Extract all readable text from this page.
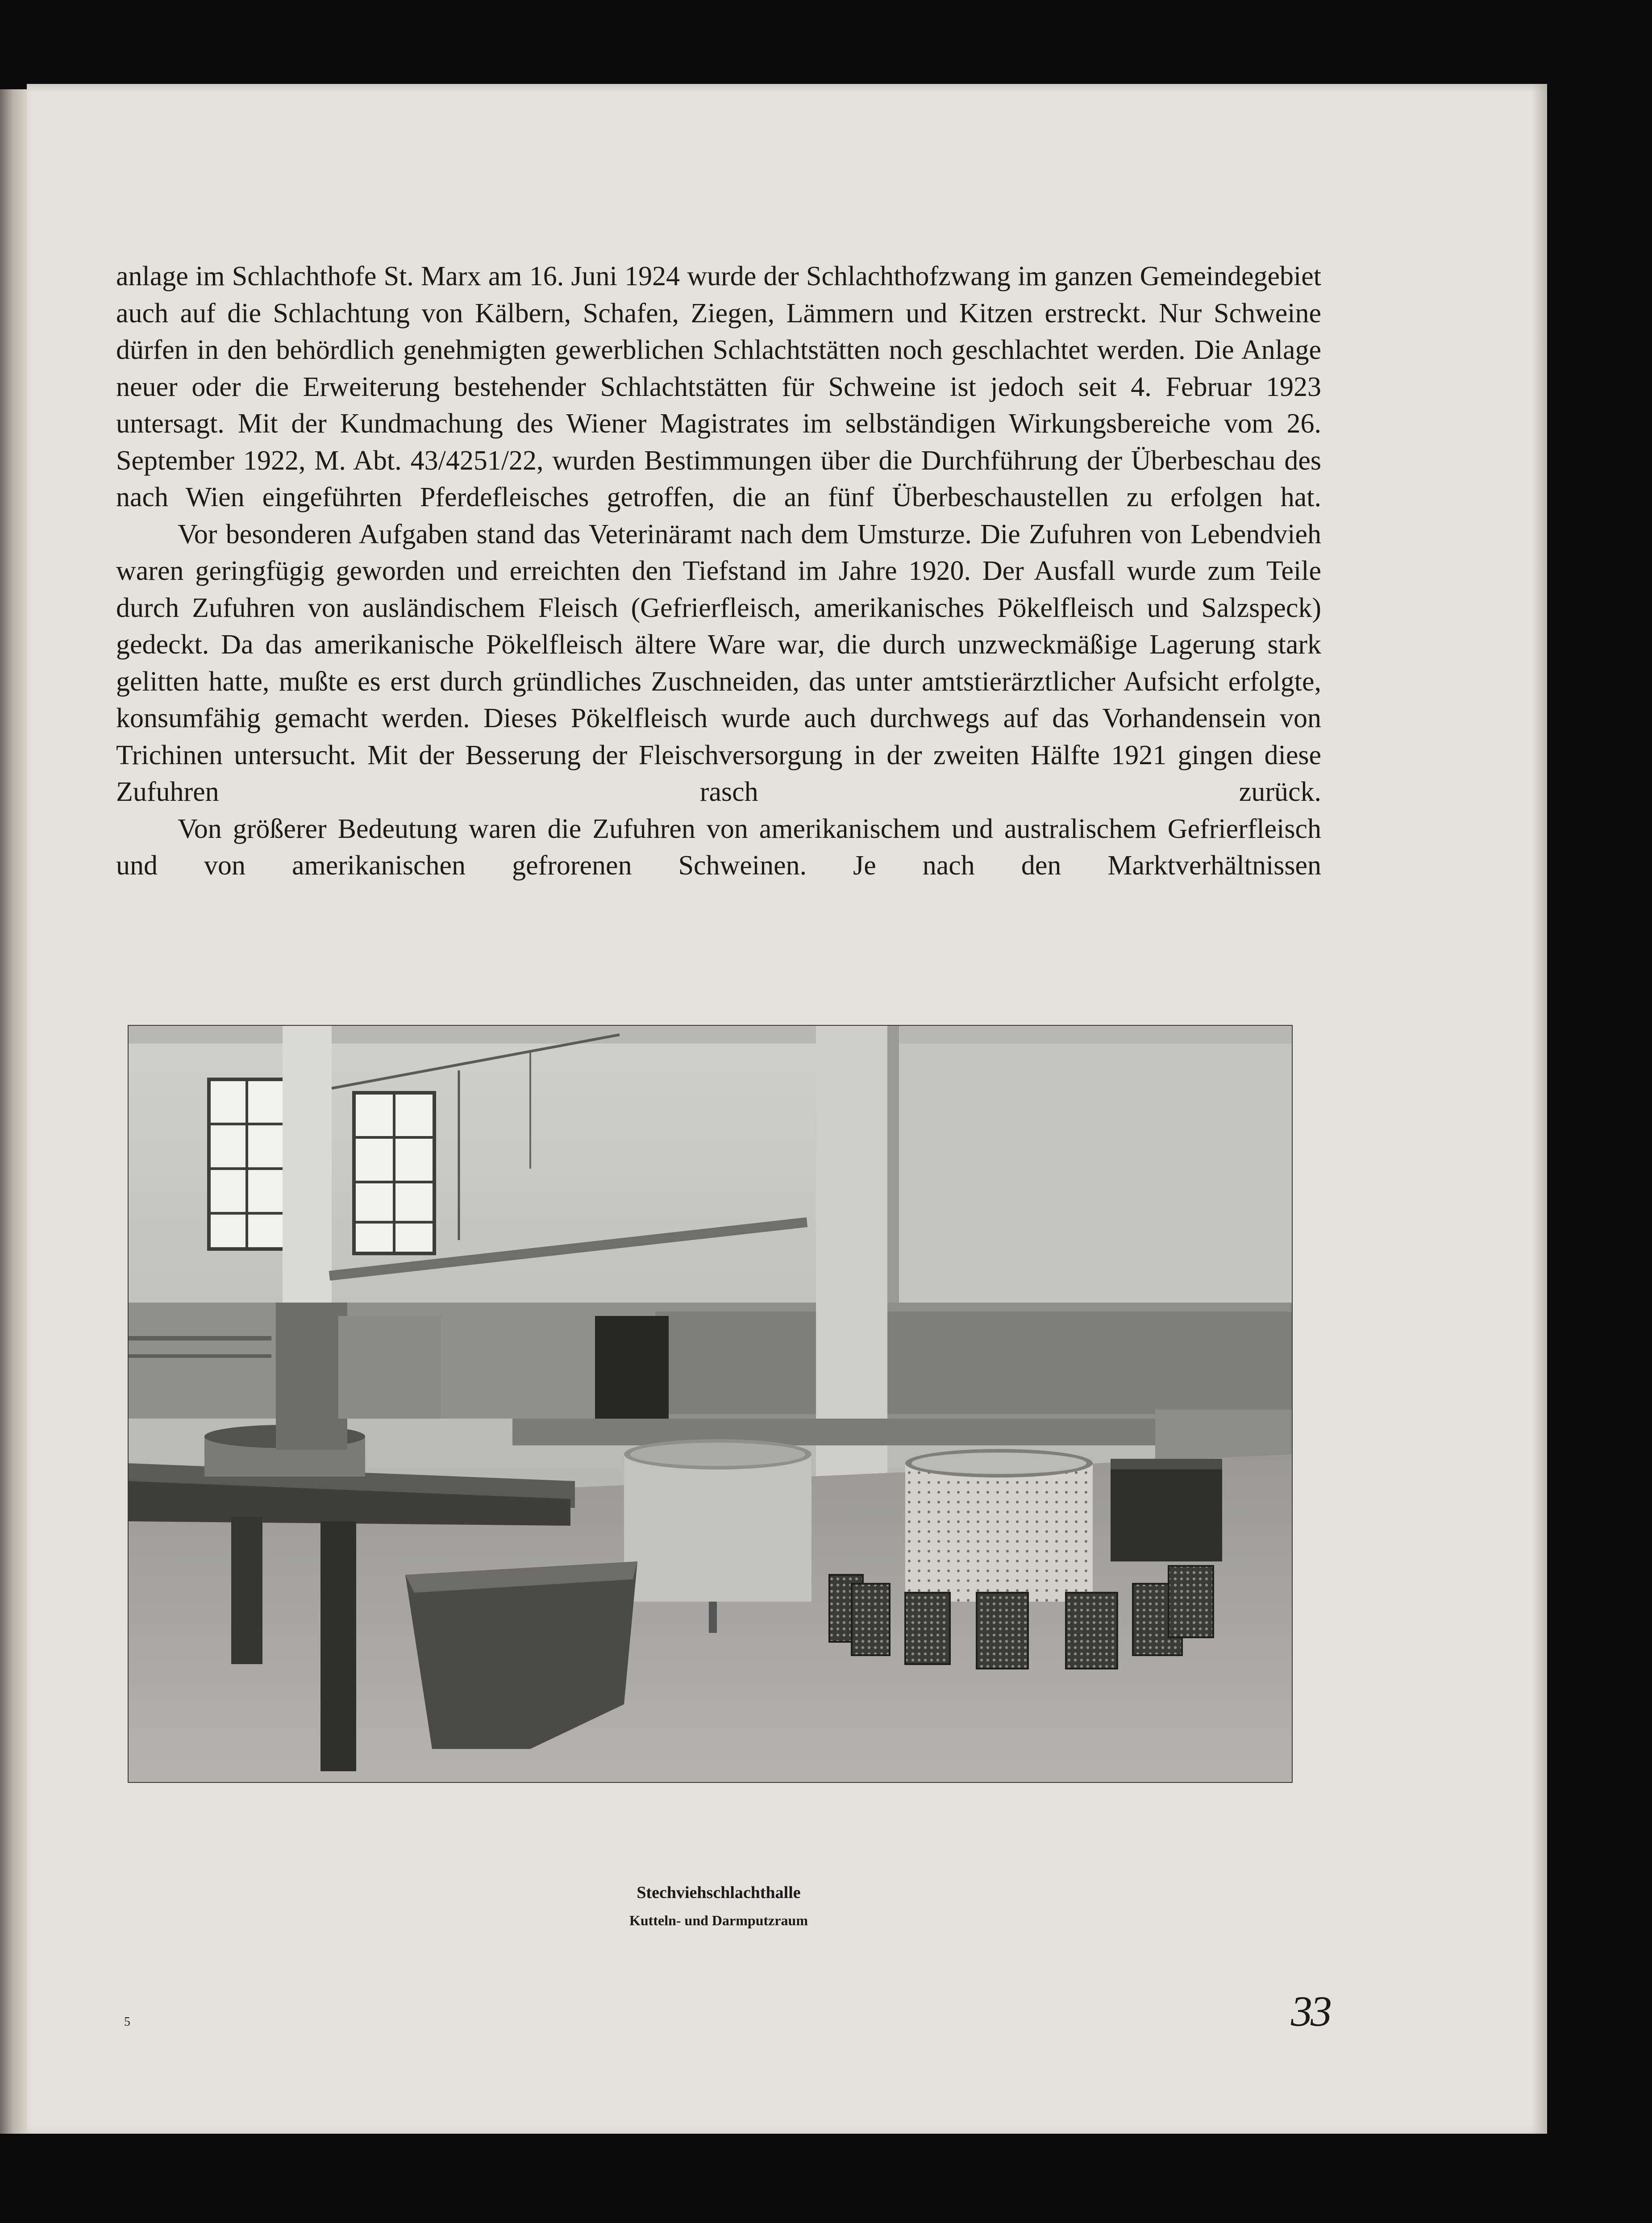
anlage im Schlachthofe St. Marx am 16. Juni 1924 wurde der Schlachthofzwang im ganzen Gemeindegebiet auch auf die Schlachtung von Kälbern, Schafen, Ziegen, Lämmern und Kitzen erstreckt. Nur Schweine dürfen in den behördlich genehmigten gewerblichen Schlachtstätten noch geschlachtet werden. Die Anlage neuer oder die Erweiterung bestehender Schlachtstätten für Schweine ist jedoch seit 4. Februar 1923 untersagt. Mit der Kundmachung des Wiener Magistrates im selbständigen Wirkungsbereiche vom 26. September 1922, M. Abt. 43/4251/22, wurden Bestimmungen über die Durchführung der Überbeschau des nach Wien eingeführten Pferdefleisches getroffen, die an fünf Überbeschaustellen zu erfolgen hat.

Vor besonderen Aufgaben stand das Veterinäramt nach dem Umsturze. Die Zufuhren von Lebendvieh waren geringfügig geworden und erreichten den Tiefstand im Jahre 1920. Der Ausfall wurde zum Teile durch Zufuhren von ausländischem Fleisch (Gefrierfleisch, amerikanisches Pökelfleisch und Salzspeck) gedeckt. Da das amerikanische Pökelfleisch ältere Ware war, die durch unzweckmäßige Lagerung stark gelitten hatte, mußte es erst durch gründliches Zuschneiden, das unter amtstierärztlicher Aufsicht erfolgte, konsumfähig gemacht werden. Dieses Pökelfleisch wurde auch durchwegs auf das Vorhandensein von Trichinen untersucht. Mit der Besserung der Fleischversorgung in der zweiten Hälfte 1921 gingen diese Zufuhren rasch zurück.

Von größerer Bedeutung waren die Zufuhren von amerikanischem und australischem Gefrierfleisch und von amerikanischen gefrorenen Schweinen. Je nach den Marktverhältnissen

Stechviehschlachthalle
Kutteln- und Darmputzraum
5	33
